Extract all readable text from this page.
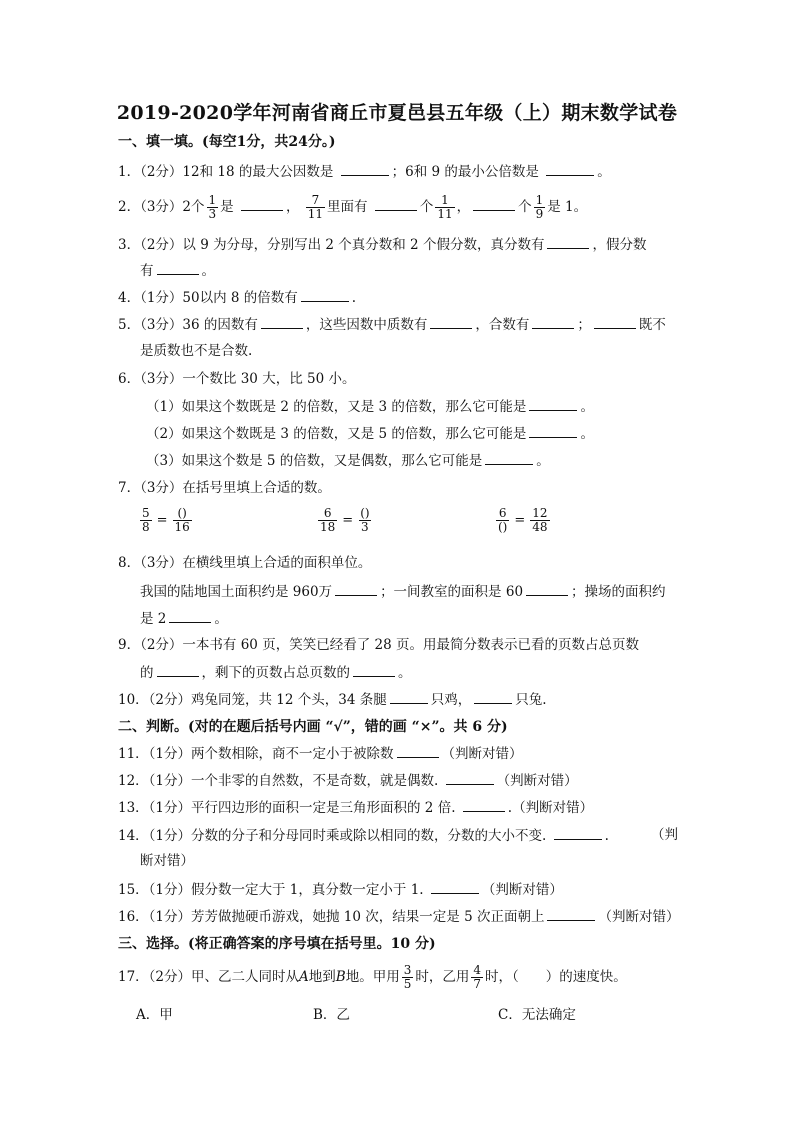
2019-2020学年河南省商丘市夏邑县五年级（上）期末数学试卷
一、填一填。(每空1分，共24分。)
1．（2分）12和 18 的最大公因数是	；6和 9 的最小公倍数是	。
2．（3分）2个 $\frac{1}{3}$ 是	， $\frac{7}{11}$ 里面有	个 $\frac{1}{11}$ ，	个 $\frac{1}{9}$ 是 1。
3．（2分）以 9 为分母，分别写出 2 个真分数和 2 个假分数，真分数有	，假分数
有	。
4．（1分）50以内 8 的倍数有	.
5．（3分）36 的因数有	，这些因数中质数有	，合数有	；	既不
是质数也不是合数.
6．（3分）一个数比 30 大，比 50 小。
（1）如果这个数既是 2 的倍数，又是 3 的倍数，那么它可能是	。
（2）如果这个数既是 3 的倍数，又是 5 的倍数，那么它可能是	。
（3）如果这个数是 5 的倍数，又是偶数，那么它可能是	。
7．（3分）在括号里填上合适的数。
$\frac{5}{8} = \frac{()}{16}$	$\frac{6}{18} = \frac{()}{3}$	$\frac{6}{()} = \frac{12}{48}$
8．（3分）在横线里填上合适的面积单位。
我国的陆地国土面积约是 960万	；一间教室的面积是 60	；操场的面积约
是 2	。
9．（2分）一本书有 60 页，笑笑已经看了 28 页。用最简分数表示已看的页数占总页数
的	，剩下的页数占总页数的	。
10．（2分）鸡兔同笼，共 12 个头，34 条腿	只鸡，	只兔.
二、判断。(对的在题后括号内画 “√”，错的画 “×”。共 6 分)
11．（1分）两个数相除，商不一定小于被除数	（判断对错）
12．（1分）一个非零的自然数，不是奇数，就是偶数.	（判断对错）
13．（1分）平行四边形的面积一定是三角形面积的 2 倍.	.（判断对错）
14．（1分）分数的分子和分母同时乘或除以相同的数，分数的大小不变.	.	（判
断对错）
15．（1分）假分数一定大于 1，真分数一定小于 1.	（判断对错）
16．（1分）芳芳做抛硬币游戏，她抛 10 次，结果一定是 5 次正面朝上	（判断对错）
三、选择。(将正确答案的序号填在括号里。10 分)
17．（2分）甲、乙二人同时从A地到B地。甲用 $\frac{3}{5}$ 时，乙用 $\frac{4}{7}$ 时，（　　）的速度快。
A．甲	B．乙	C．无法确定
